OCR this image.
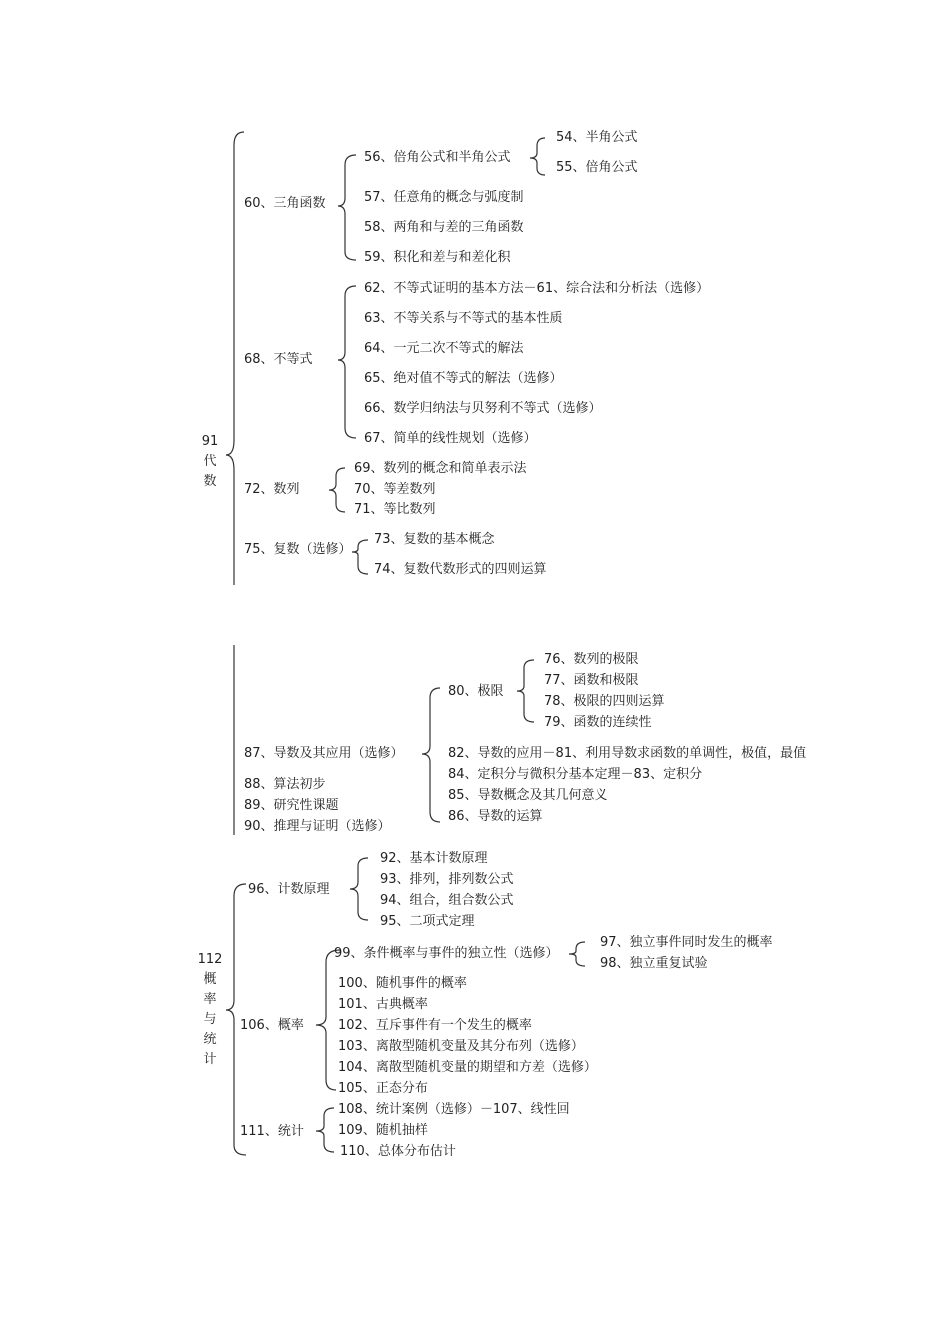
91
代
数
60、三角函数
56、倍角公式和半角公式
54、半角公式
55、倍角公式
57、任意角的概念与弧度制
58、两角和与差的三角函数
59、积化和差与和差化积
68、不等式
62、不等式证明的基本方法－61、综合法和分析法（选修）
63、不等关系与不等式的基本性质
64、一元二次不等式的解法
65、绝对值不等式的解法（选修）
66、数学归纳法与贝努利不等式（选修）
67、简单的线性规划（选修）
72、数列
69、数列的概念和简单表示法
70、等差数列
71、等比数列
75、复数（选修）
73、复数的基本概念
74、复数代数形式的四则运算
87、导数及其应用（选修）
80、极限
76、数列的极限
77、函数和极限
78、极限的四则运算
79、函数的连续性
82、导数的应用－81、利用导数求函数的单调性，极值，最值
84、定积分与微积分基本定理－83、定积分
85、导数概念及其几何意义
86、导数的运算
88、算法初步
89、研究性课题
90、推理与证明（选修）
112
概
率
与
统
计
96、计数原理
92、基本计数原理
93、排列，排列数公式
94、组合，组合数公式
95、二项式定理
106、概率
99、条件概率与事件的独立性（选修）
97、独立事件同时发生的概率
98、独立重复试验
100、随机事件的概率
101、古典概率
102、互斥事件有一个发生的概率
103、离散型随机变量及其分布列（选修）
104、离散型随机变量的期望和方差（选修）
105、正态分布
111、统计
108、统计案例（选修）－107、线性回
109、随机抽样
110、总体分布估计
